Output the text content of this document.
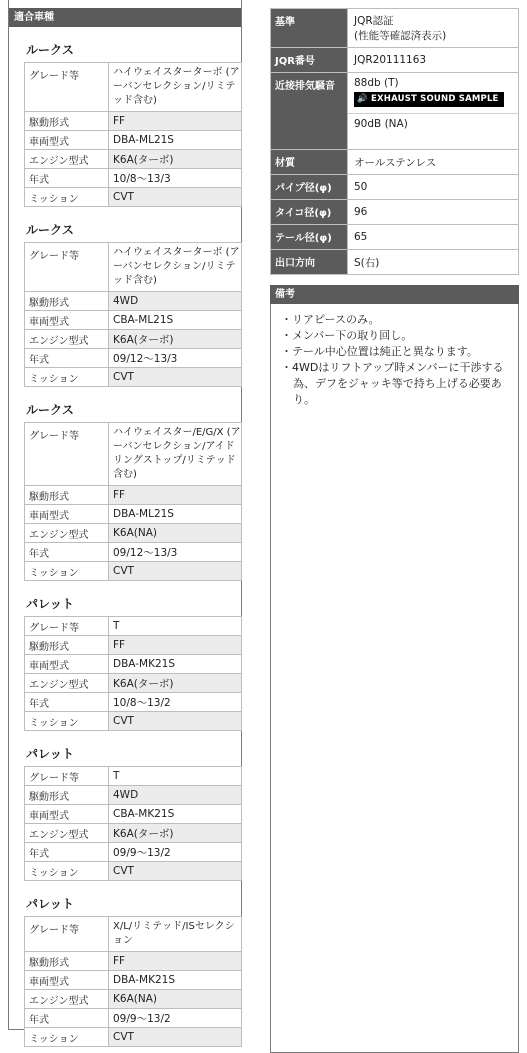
適合車種
ルークス
グレード等	ハイウェイスターターボ (アーバンセレクション/リミテッド含む)
駆動形式	FF
車両型式	DBA-ML21S
エンジン型式	K6A(ターボ)
年式	10/8～13/3
ミッション	CVT
ルークス
グレード等	ハイウェイスターターボ (アーバンセレクション/リミテッド含む)
駆動形式	4WD
車両型式	CBA-ML21S
エンジン型式	K6A(ターボ)
年式	09/12～13/3
ミッション	CVT
ルークス
グレード等	ハイウェイスター/E/G/X (アーバンセレクション/アイドリングストップ/リミテッド含む)
駆動形式	FF
車両型式	DBA-ML21S
エンジン型式	K6A(NA)
年式	09/12～13/3
ミッション	CVT
パレット
グレード等	T
駆動形式	FF
車両型式	DBA-MK21S
エンジン型式	K6A(ターボ)
年式	10/8～13/2
ミッション	CVT
パレット
グレード等	T
駆動形式	4WD
車両型式	CBA-MK21S
エンジン型式	K6A(ターボ)
年式	09/9～13/2
ミッション	CVT
パレット
グレード等	X/L/リミテッド/ISセレクション
駆動形式	FF
車両型式	DBA-MK21S
エンジン型式	K6A(NA)
年式	09/9～13/2
ミッション	CVT
基準	JQR認証
(性能等確認済表示)

JQR番号	JQR20111163
近接排気騒音	88db (T)
🔊 EXHAUST SOUND SAMPLE
90dB (NA)

材質	オールステンレス
パイプ径(φ)	50
タイコ径(φ)	96
テール径(φ)	65
出口方向	S(右)
備考
・リアピースのみ。
・メンバー下の取り回し。
・テール中心位置は純正と異なります。
・4WDはリフトアップ時メンバーに干渉する為、デフをジャッキ等で持ち上げる必要あり。
